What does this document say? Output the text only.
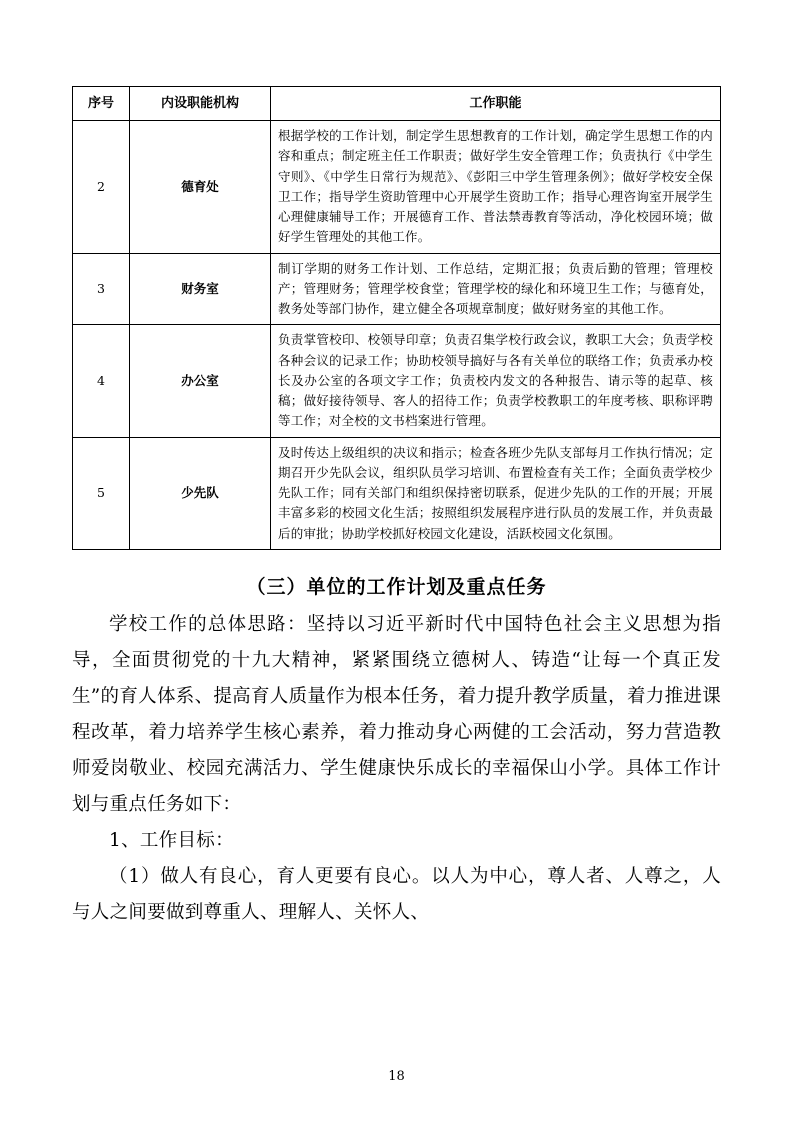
序号	内设职能机构	工作职能
2	德育处	根据学校的工作计划，制定学生思想教育的工作计划，确定学生思想工作的内容和重点；制定班主任工作职责；做好学生安全管理工作；负责执行《中学生守则》、《中学生日常行为规范》、《彭阳三中学生管理条例》；做好学校安全保卫工作；指导学生资助管理中心开展学生资助工作；指导心理咨询室开展学生心理健康辅导工作；开展德育工作、普法禁毒教育等活动，净化校园环境；做好学生管理处的其他工作。
3	财务室	制订学期的财务工作计划、工作总结，定期汇报；负责后勤的管理；管理校产；管理财务；管理学校食堂；管理学校的绿化和环境卫生工作；与德育处，教务处等部门协作，建立健全各项规章制度；做好财务室的其他工作。
4	办公室	负责掌管校印、校领导印章；负责召集学校行政会议，教职工大会；负责学校各种会议的记录工作；协助校领导搞好与各有关单位的联络工作；负责承办校长及办公室的各项文字工作；负责校内发文的各种报告、请示等的起草、核稿；做好接待领导、客人的招待工作；负责学校教职工的年度考核、职称评聘等工作；对全校的文书档案进行管理。
5	少先队	及时传达上级组织的决议和指示；检查各班少先队支部每月工作执行情况；定期召开少先队会议，组织队员学习培训、布置检查有关工作；全面负责学校少先队工作；同有关部门和组织保持密切联系，促进少先队的工作的开展；开展丰富多彩的校园文化生活；按照组织发展程序进行队员的发展工作，并负责最后的审批；协助学校抓好校园文化建设，活跃校园文化氛围。
（三）单位的工作计划及重点任务

学校工作的总体思路：坚持以习近平新时代中国特色社会主义思想为指导，全面贯彻党的十九大精神，紧紧围绕立德树人、铸造“让每一个真正发生”的育人体系、提高育人质量作为根本任务，着力提升教学质量，着力推进课程改革，着力培养学生核心素养，着力推动身心两健的工会活动，努力营造教师爱岗敬业、校园充满活力、学生健康快乐成长的幸福保山小学。具体工作计划与重点任务如下：

1、工作目标：

（1）做人有良心，育人更要有良心。以人为中心，尊人者、人尊之，人与人之间要做到尊重人、理解人、关怀人、

18
